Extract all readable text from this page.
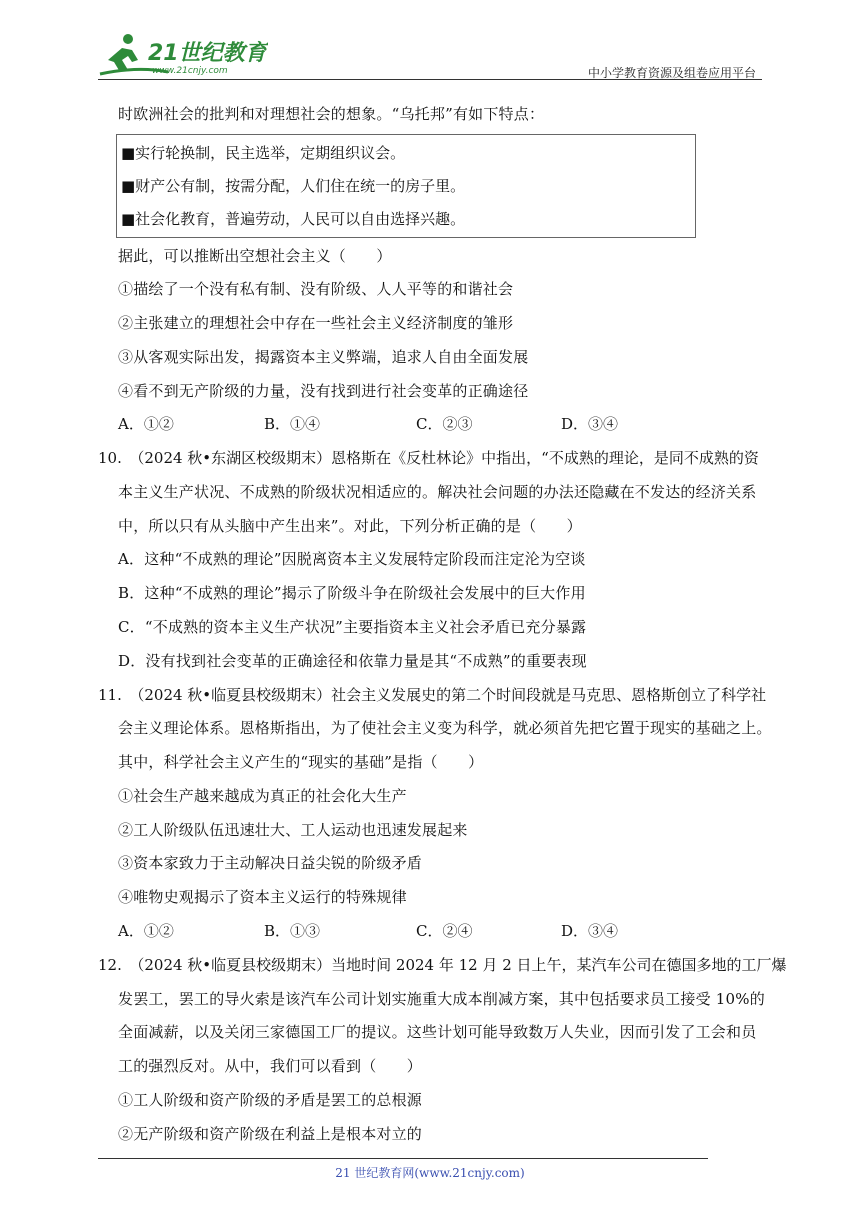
21世纪教育
www.21cnjy.com	中小学教育资源及组卷应用平台
时欧洲社会的批判和对理想社会的想象。“乌托邦”有如下特点：
■实行轮换制，民主选举，定期组织议会。
■财产公有制，按需分配，人们住在统一的房子里。
■社会化教育，普遍劳动，人民可以自由选择兴趣。
据此，可以推断出空想社会主义（　　）
①描绘了一个没有私有制、没有阶级、人人平等的和谐社会
②主张建立的理想社会中存在一些社会主义经济制度的雏形
③从客观实际出发，揭露资本主义弊端，追求人自由全面发展
④看不到无产阶级的力量，没有找到进行社会变革的正确途径
A．①②	B．①④	C．②③	D．③④
10.　（2024 秋•东湖区校级期末）恩格斯在《反杜林论》中指出，“不成熟的理论，是同不成熟的资
本主义生产状况、不成熟的阶级状况相适应的。解决社会问题的办法还隐藏在不发达的经济关系
中，所以只有从头脑中产生出来”。对此，下列分析正确的是（　　）
A．这种“不成熟的理论”因脱离资本主义发展特定阶段而注定沦为空谈
B．这种“不成熟的理论”揭示了阶级斗争在阶级社会发展中的巨大作用
C．“不成熟的资本主义生产状况”主要指资本主义社会矛盾已充分暴露
D．没有找到社会变革的正确途径和依靠力量是其“不成熟”的重要表现
11.　（2024 秋•临夏县校级期末）社会主义发展史的第二个时间段就是马克思、恩格斯创立了科学社
会主义理论体系。恩格斯指出，为了使社会主义变为科学，就必须首先把它置于现实的基础之上。
其中，科学社会主义产生的“现实的基础”是指（　　）
①社会生产越来越成为真正的社会化大生产
②工人阶级队伍迅速壮大、工人运动也迅速发展起来
③资本家致力于主动解决日益尖锐的阶级矛盾
④唯物史观揭示了资本主义运行的特殊规律
A．①②	B．①③	C．②④	D．③④
12.　（2024 秋•临夏县校级期末）当地时间 2024 年 12 月 2 日上午，某汽车公司在德国多地的工厂爆
发罢工，罢工的导火索是该汽车公司计划实施重大成本削减方案，其中包括要求员工接受 10%的
全面减薪，以及关闭三家德国工厂的提议。这些计划可能导致数万人失业，因而引发了工会和员
工的强烈反对。从中，我们可以看到（　　）
①工人阶级和资产阶级的矛盾是罢工的总根源
②无产阶级和资产阶级在利益上是根本对立的
21 世纪教育网(www.21cnjy.com)
